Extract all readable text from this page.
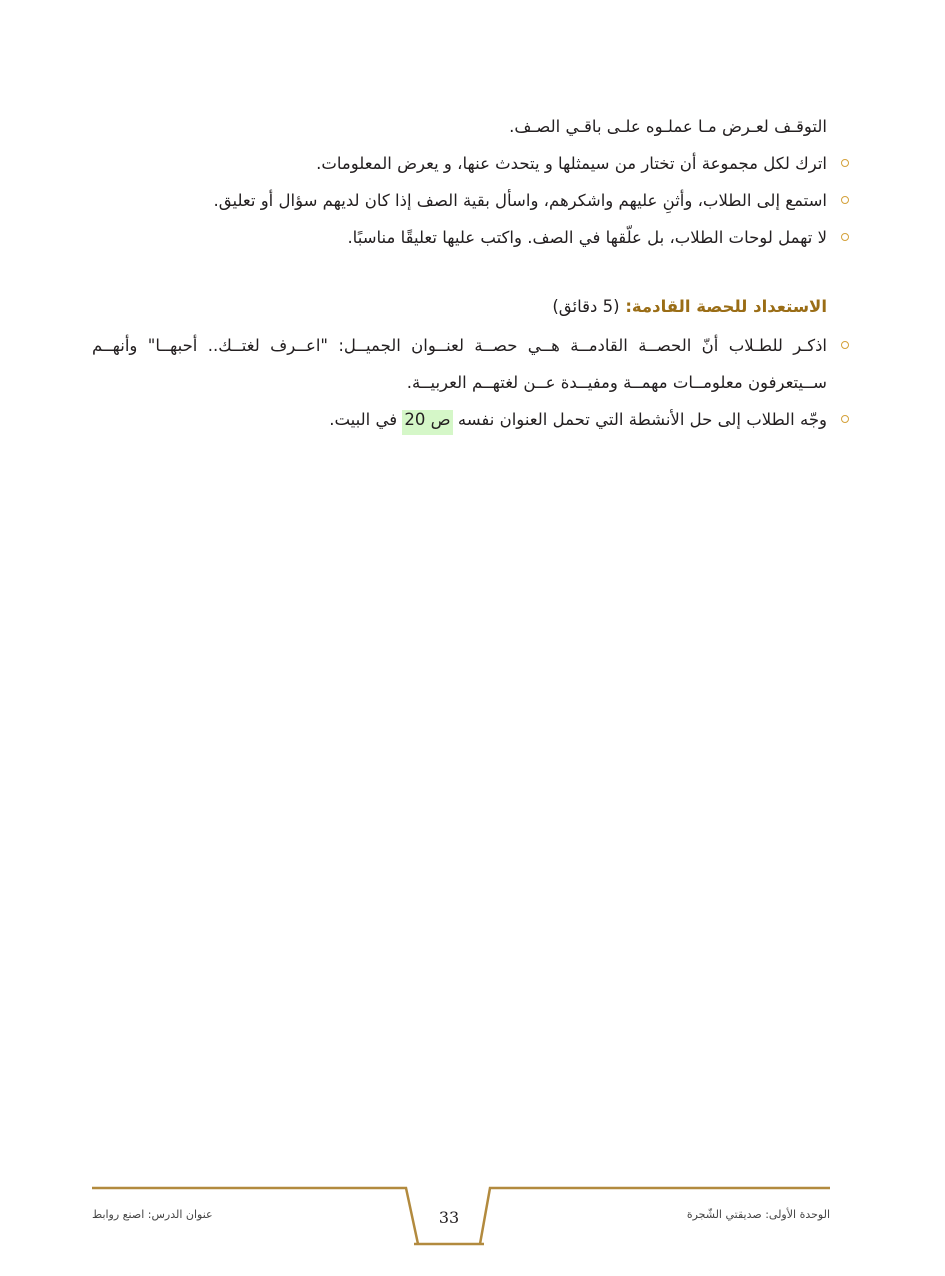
التوقـف لعـرض مـا عملـوه علـى باقـي الصـف.

اترك لكل مجموعة أن تختار من سيمثلها و يتحدث عنها، و يعرض المعلومات.
استمع إلى الطلاب، وأثنِ عليهم واشكرهم، واسأل بقية الصف إذا كان لديهم سؤال أو تعليق.
لا تهمل لوحات الطلاب، بل علّقها في الصف. واكتب عليها تعليقًا مناسبًا.
الاستعداد للحصة القادمة: (5 دقائق)
اذكـر للطـلاب أنّ الحصــة القادمــة هــي حصــة لعنــوان الجميــل: "اعــرف لغتــك.. أحبهــا" وأنهــم
ســيتعرفون معلومــات مهمــة ومفيــدة عــن لغتهــم العربيــة.
وجّه الطلاب إلى حل الأنشطة التي تحمل العنوان نفسه ص 20 في البيت.
عنوان الدرس: اصنع روابط	33	الوحدة الأولى: صديقتي الشّجرة
